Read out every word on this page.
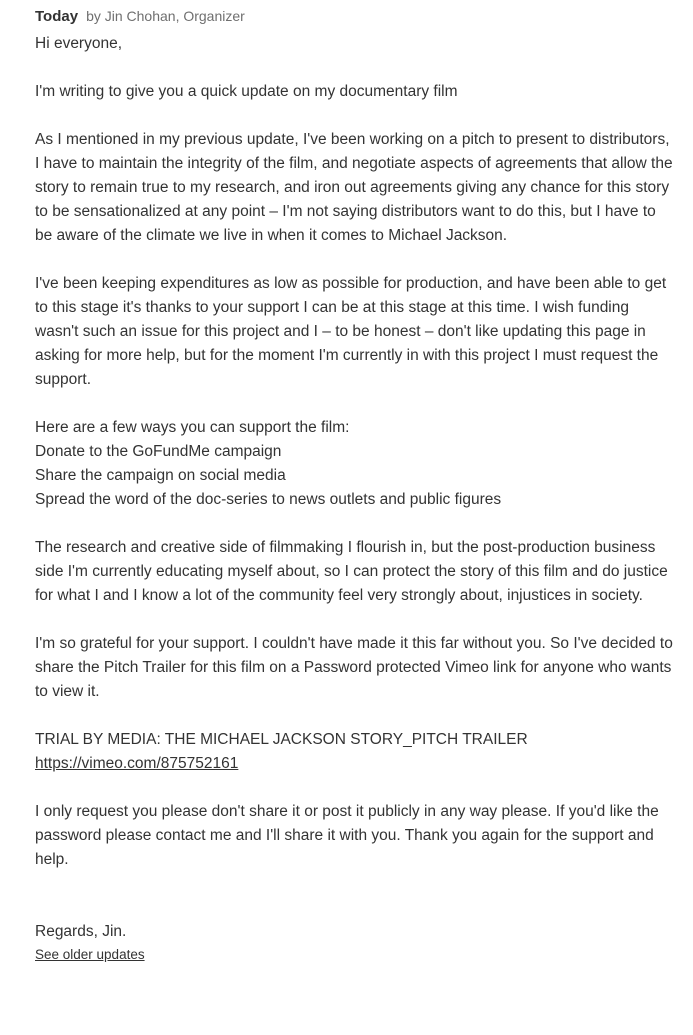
Today by Jin Chohan, Organizer

Hi everyone,

I'm writing to give you a quick update on my documentary film

As I mentioned in my previous update, I've been working on a pitch to present to distributors, I have to maintain the integrity of the film, and negotiate aspects of agreements that allow the story to remain true to my research, and iron out agreements giving any chance for this story to be sensationalized at any point – I'm not saying distributors want to do this, but I have to be aware of the climate we live in when it comes to Michael Jackson.

I've been keeping expenditures as low as possible for production, and have been able to get to this stage it's thanks to your support I can be at this stage at this time. I wish funding wasn't such an issue for this project and I – to be honest – don't like updating this page in asking for more help, but for the moment I'm currently in with this project I must request the support.

Here are a few ways you can support the film:
Donate to the GoFundMe campaign
Share the campaign on social media
Spread the word of the doc-series to news outlets and public figures

The research and creative side of filmmaking I flourish in, but the post-production business side I'm currently educating myself about, so I can protect the story of this film and do justice for what I and I know a lot of the community feel very strongly about, injustices in society.

I'm so grateful for your support. I couldn't have made it this far without you. So I've decided to share the Pitch Trailer for this film on a Password protected Vimeo link for anyone who wants to view it.

TRIAL BY MEDIA: THE MICHAEL JACKSON STORY_PITCH TRAILER
https://vimeo.com/875752161

I only request you please don't share it or post it publicly in any way please. If you'd like the password please contact me and I'll share it with you. Thank you again for the support and help.

Regards, Jin.

See older updates
